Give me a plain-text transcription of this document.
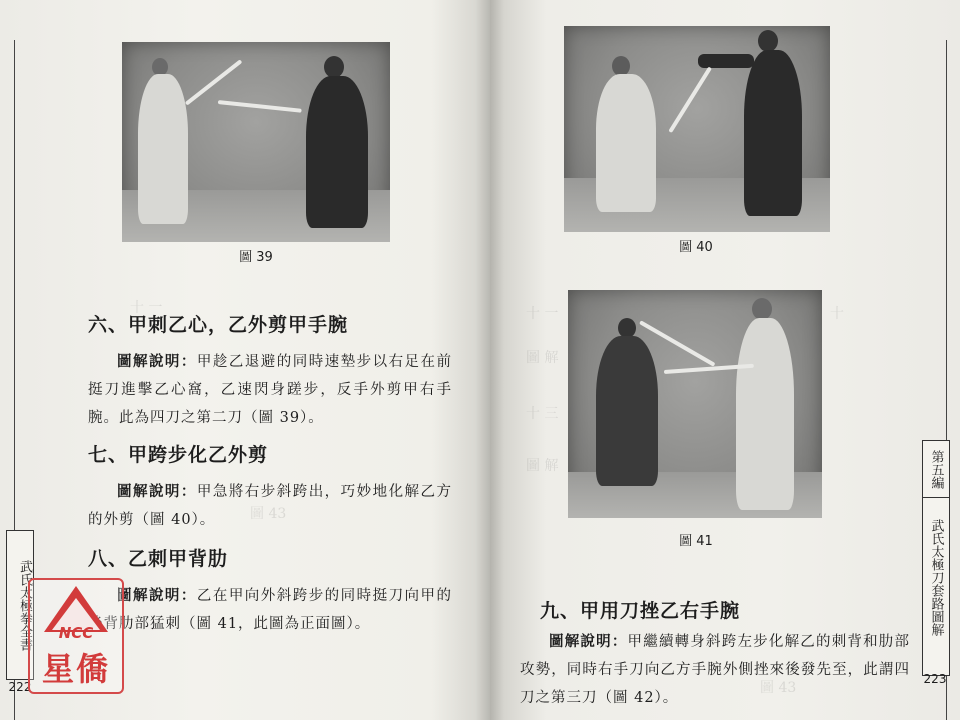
圖 39
十 一
圖 43
六、甲刺乙心，乙外剪甲手腕
圖解說明：甲趁乙退避的同時速墊步以右足在前挺刀進擊乙心窩，乙速閃身蹉步，反手外剪甲右手腕。此為四刀之第二刀（圖 39）。
七、甲跨步化乙外剪
圖解說明：甲急將右步斜跨出，巧妙地化解乙方的外剪（圖 40）。
八、乙刺甲背肋
圖解說明：乙在甲向外斜跨步的同時挺刀向甲的後背肋部猛刺（圖 41，此圖為正面圖）。
武氏太極拳全書
222
NCC
星僑
圖 40
十 一
圖 解
十 三
圖 解
十
圖 43
圖 41
九、甲用刀挫乙右手腕
圖解說明：甲繼續轉身斜跨左步化解乙的刺背和肋部攻勢，同時右手刀向乙方手腕外側挫來後發先至，此謂四刀之第三刀（圖 42）。
第五編
武氏太極刀套路圖解
223
